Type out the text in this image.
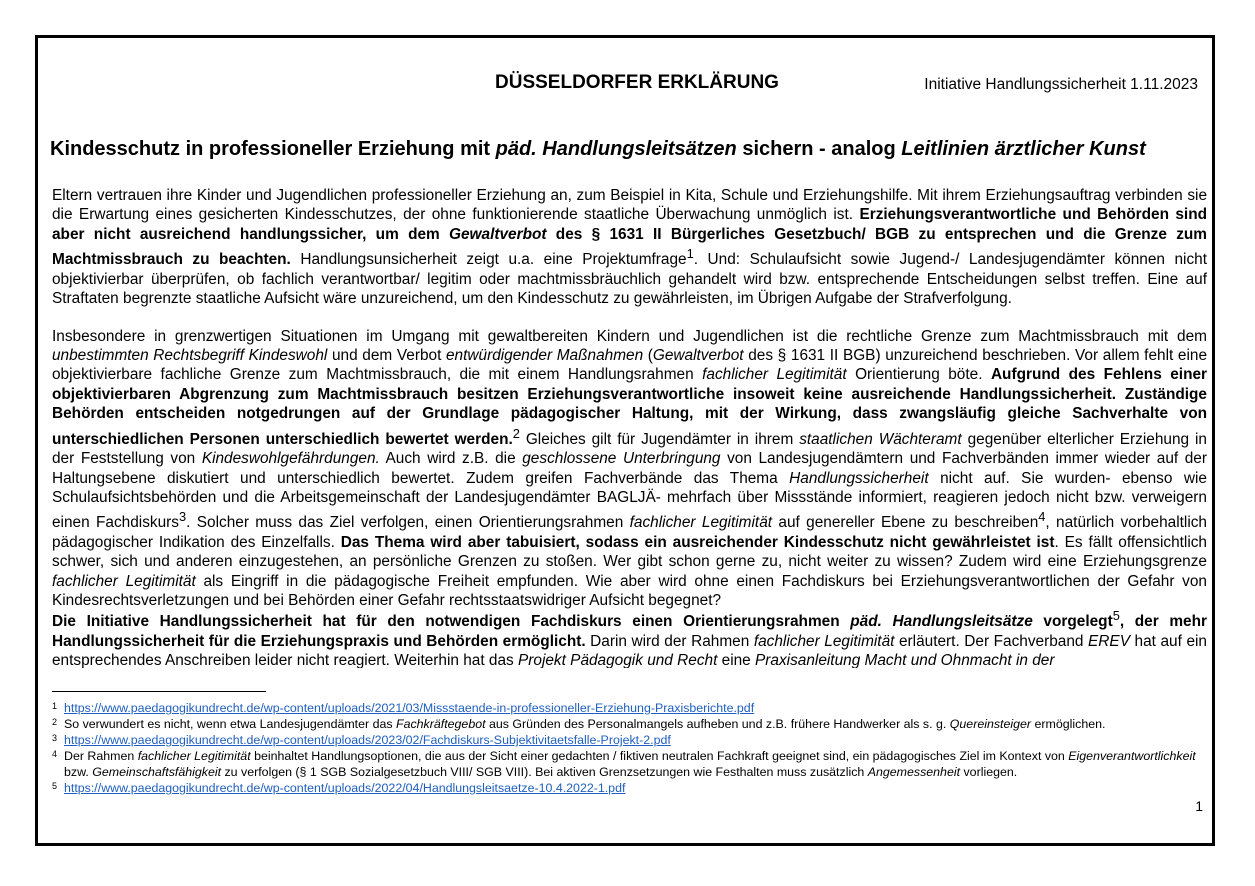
DÜSSELDORFER ERKLÄRUNG	Initiative Handlungssicherheit 1.11.2023
Kindesschutz in professioneller Erziehung mit päd. Handlungsleitsätzen sichern - analog Leitlinien ärztlicher Kunst

Eltern vertrauen ihre Kinder und Jugendlichen professioneller Erziehung an, zum Beispiel in Kita, Schule und Erziehungshilfe. Mit ihrem Erziehungsauftrag verbinden sie die Erwartung eines gesicherten Kindesschutzes, der ohne funktionierende staatliche Überwachung unmöglich ist. Erziehungsverantwortliche und Behörden sind aber nicht ausreichend handlungssicher, um dem Gewaltverbot des § 1631 II Bürgerliches Gesetzbuch/ BGB zu entsprechen und die Grenze zum Machtmissbrauch zu beachten. Handlungsunsicherheit zeigt u.a. eine Projektumfrage$^1$. Und: Schulaufsicht sowie Jugend-/ Landesjugendämter können nicht objektivierbar überprüfen, ob fachlich verantwortbar/ legitim oder machtmissbräuchlich gehandelt wird bzw. entsprechende Entscheidungen selbst treffen. Eine auf Straftaten begrenzte staatliche Aufsicht wäre unzureichend, um den Kindesschutz zu gewährleisten, im Übrigen Aufgabe der Strafverfolgung.

Insbesondere in grenzwertigen Situationen im Umgang mit gewaltbereiten Kindern und Jugendlichen ist die rechtliche Grenze zum Machtmissbrauch mit dem unbestimmten Rechtsbegriff Kindeswohl und dem Verbot entwürdigender Maßnahmen (Gewaltverbot des § 1631 II BGB) unzureichend beschrieben. Vor allem fehlt eine objektivierbare fachliche Grenze zum Machtmissbrauch, die mit einem Handlungsrahmen fachlicher Legitimität Orientierung böte. Aufgrund des Fehlens einer objektivierbaren Abgrenzung zum Machtmissbrauch besitzen Erziehungsverantwortliche insoweit keine ausreichende Handlungssicherheit. Zuständige Behörden entscheiden notgedrungen auf der Grundlage pädagogischer Haltung, mit der Wirkung, dass zwangsläufig gleiche Sachverhalte von unterschiedlichen Personen unterschiedlich bewertet werden.$^2$ Gleiches gilt für Jugendämter in ihrem staatlichen Wächteramt gegenüber elterlicher Erziehung in der Feststellung von Kindeswohlgefährdungen. Auch wird z.B. die geschlossene Unterbringung von Landesjugendämtern und Fachverbänden immer wieder auf der Haltungsebene diskutiert und unterschiedlich bewertet. Zudem greifen Fachverbände das Thema Handlungssicherheit nicht auf. Sie wurden- ebenso wie Schulaufsichtsbehörden und die Arbeitsgemeinschaft der Landesjugendämter BAGLJÄ- mehrfach über Missstände informiert, reagieren jedoch nicht bzw. verweigern einen Fachdiskurs$^3$. Solcher muss das Ziel verfolgen, einen Orientierungsrahmen fachlicher Legitimität auf genereller Ebene zu beschreiben$^4$, natürlich vorbehaltlich pädagogischer Indikation des Einzelfalls. Das Thema wird aber tabuisiert, sodass ein ausreichender Kindesschutz nicht gewährleistet ist. Es fällt offensichtlich schwer, sich und anderen einzugestehen, an persönliche Grenzen zu stoßen. Wer gibt schon gerne zu, nicht weiter zu wissen? Zudem wird eine Erziehungsgrenze fachlicher Legitimität als Eingriff in die pädagogische Freiheit empfunden. Wie aber wird ohne einen Fachdiskurs bei Erziehungsverantwortlichen der Gefahr von Kindesrechtsverletzungen und bei Behörden einer Gefahr rechtsstaatswidriger Aufsicht begegnet?

Die Initiative Handlungssicherheit hat für den notwendigen Fachdiskurs einen Orientierungsrahmen päd. Handlungsleitsätze vorgelegt$^5$, der mehr Handlungssicherheit für die Erziehungspraxis und Behörden ermöglicht. Darin wird der Rahmen fachlicher Legitimität erläutert. Der Fachverband EREV hat auf ein entsprechendes Anschreiben leider nicht reagiert. Weiterhin hat das Projekt Pädagogik und Recht eine Praxisanleitung Macht und Ohnmacht in der
1 https://www.paedagogikundrecht.de/wp-content/uploads/2021/03/Missstaende-in-professioneller-Erziehung-Praxisberichte.pdf
2 So verwundert es nicht, wenn etwa Landesjugendämter das Fachkräftegebot aus Gründen des Personalmangels aufheben und z.B. frühere Handwerker als s. g. Quereinsteiger ermöglichen.
3 https://www.paedagogikundrecht.de/wp-content/uploads/2023/02/Fachdiskurs-Subjektivitaetsfalle-Projekt-2.pdf
4 Der Rahmen fachlicher Legitimität beinhaltet Handlungsoptionen, die aus der Sicht einer gedachten / fiktiven neutralen Fachkraft geeignet sind, ein pädagogisches Ziel im Kontext von Eigenverantwortlichkeit bzw. Gemeinschaftsfähigkeit zu verfolgen (§ 1 SGB Sozialgesetzbuch VIII/ SGB VIII). Bei aktiven Grenzsetzungen wie Festhalten muss zusätzlich Angemessenheit vorliegen.
5 https://www.paedagogikundrecht.de/wp-content/uploads/2022/04/Handlungsleitsaetze-10.4.2022-1.pdf
1
